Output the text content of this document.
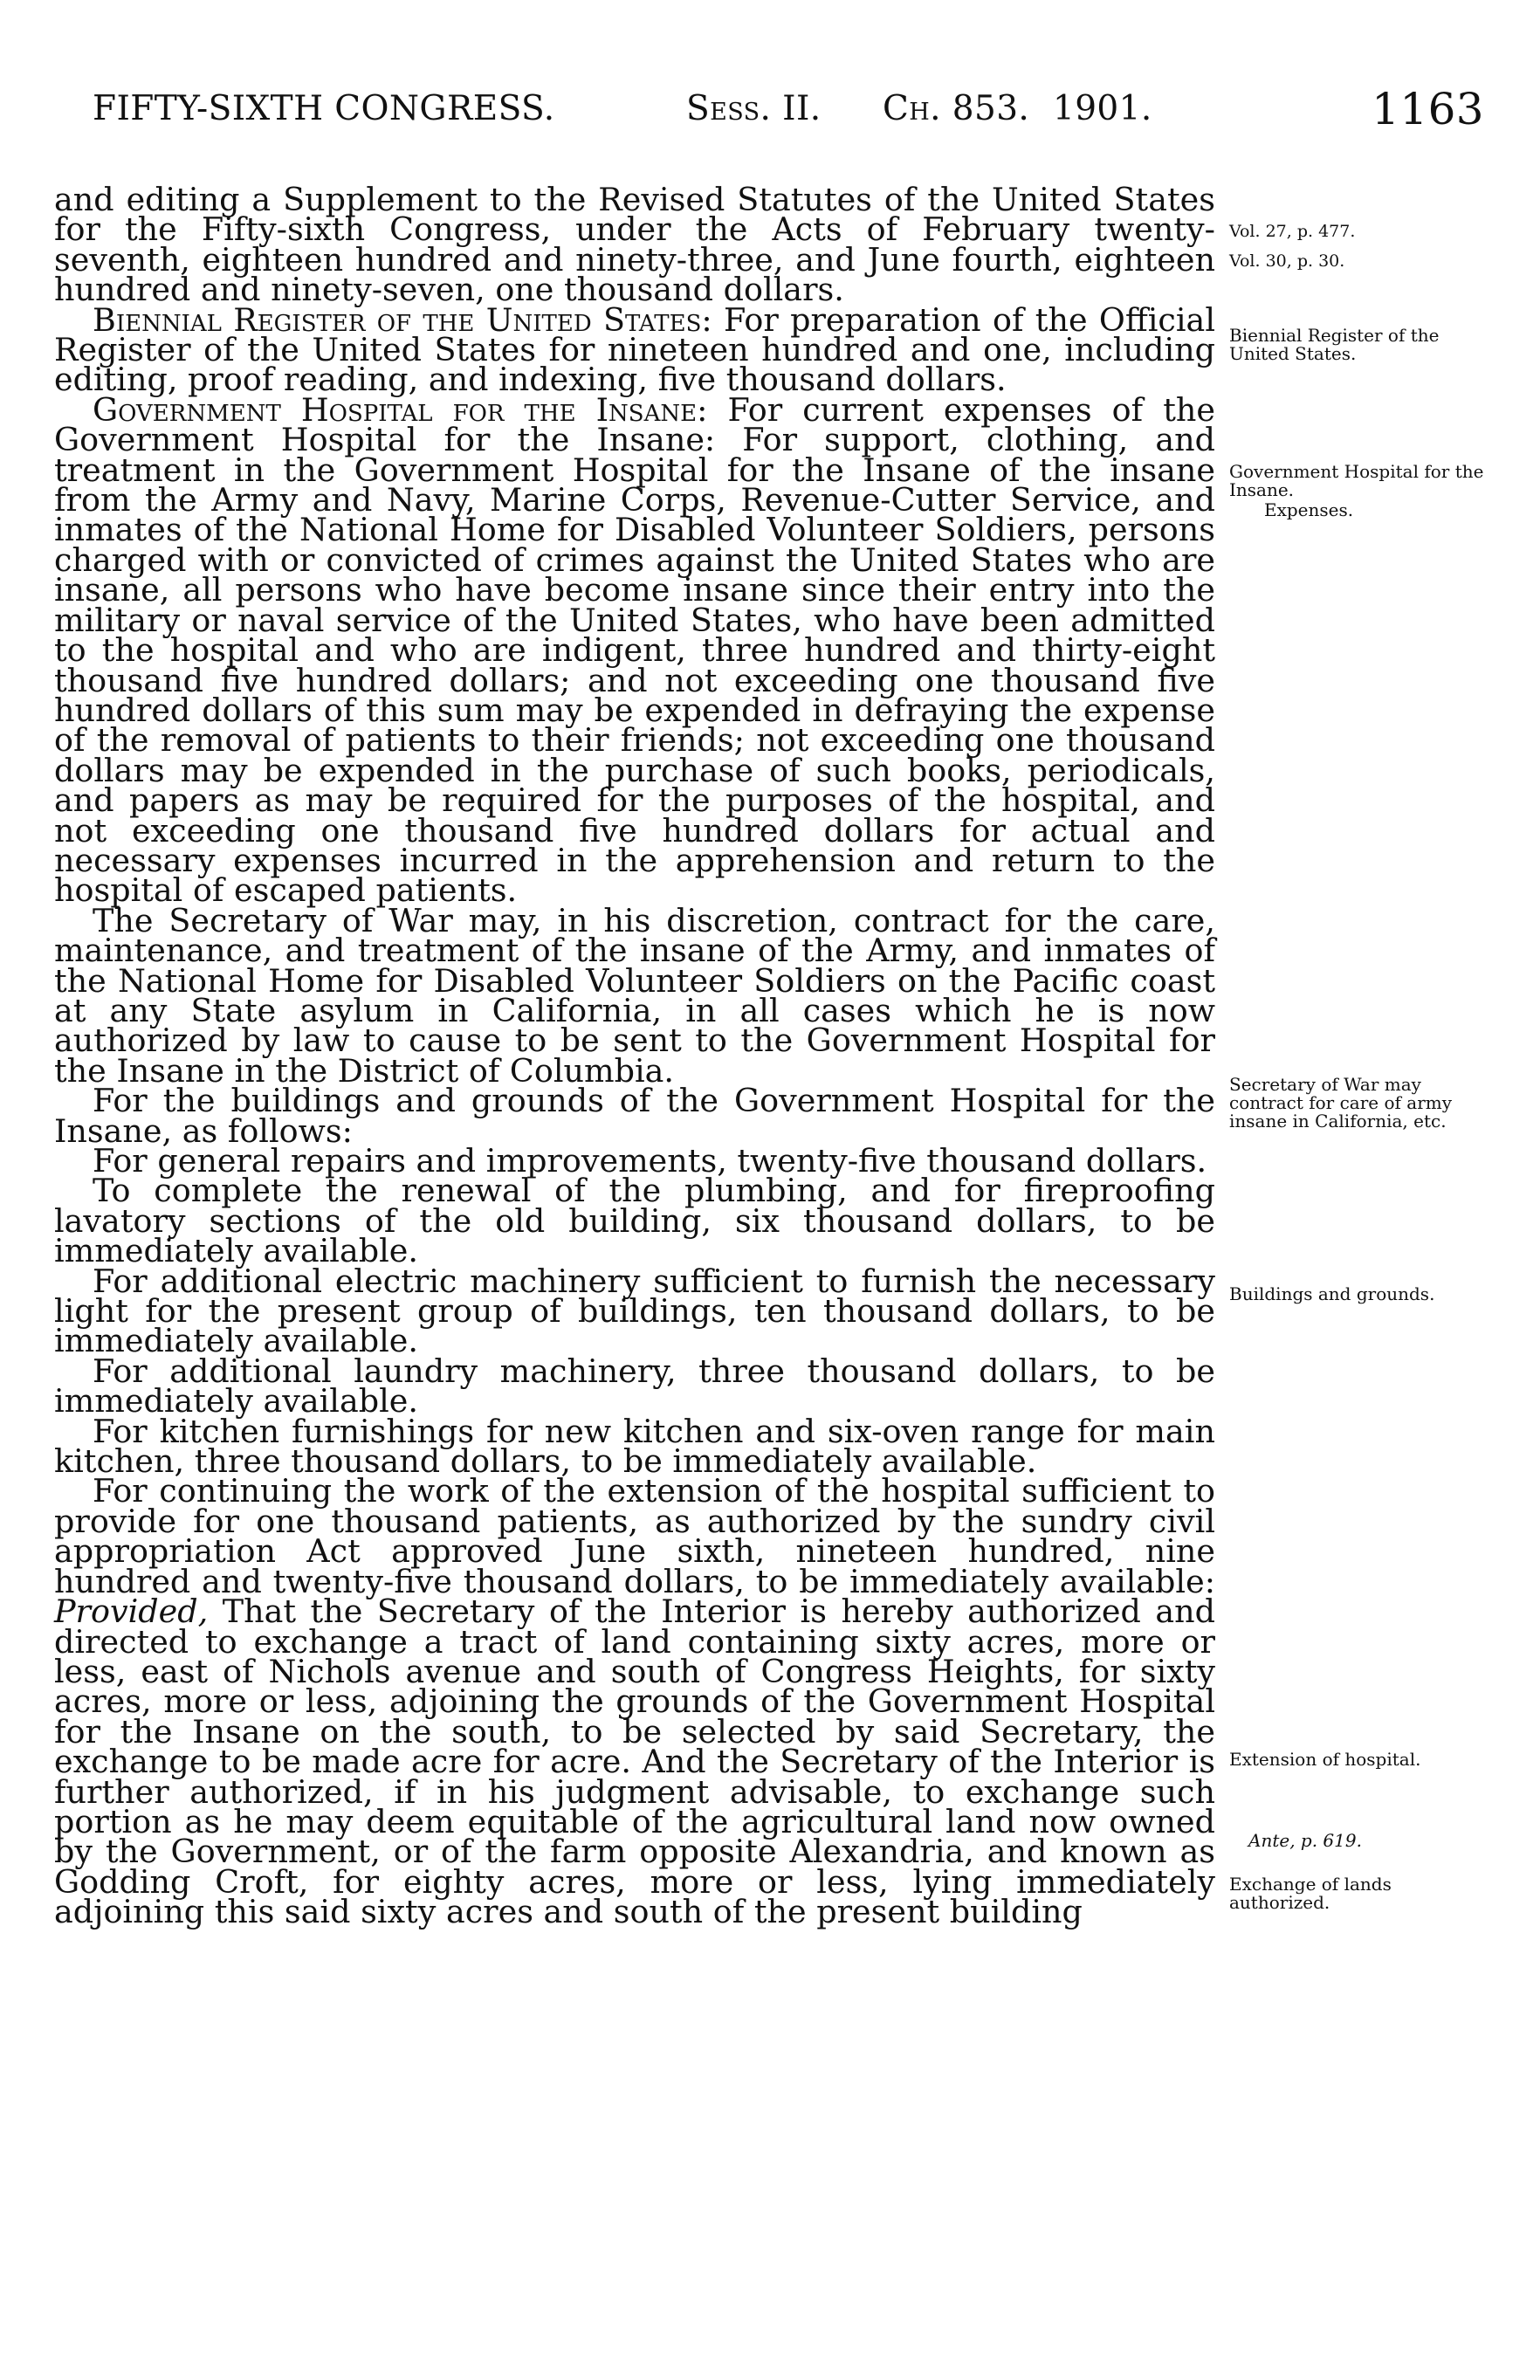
FIFTY-SIXTH CONGRESS.	Sess. II. Ch. 853. 1901.	1163

and editing a Supplement to the Revised Statutes of the United States for the Fifty-sixth Congress, under the Acts of February twenty-seventh, eighteen hundred and ninety-three, and June fourth, eighteen hundred and ninety-seven, one thousand dollars.

Biennial Register of the United States: For preparation of the Official Register of the United States for nineteen hundred and one, including editing, proof reading, and indexing, five thousand dollars.

Government Hospital for the Insane: For current expenses of the Government Hospital for the Insane: For support, clothing, and treatment in the Government Hospital for the Insane of the insane from the Army and Navy, Marine Corps, Revenue-Cutter Service, and inmates of the National Home for Disabled Volunteer Soldiers, persons charged with or convicted of crimes against the United States who are insane, all persons who have become insane since their entry into the military or naval service of the United States, who have been admitted to the hospital and who are indigent, three hundred and thirty-eight thousand five hundred dollars; and not exceeding one thousand five hundred dollars of this sum may be expended in defraying the expense of the removal of patients to their friends; not exceeding one thousand dollars may be expended in the purchase of such books, periodicals, and papers as may be required for the purposes of the hospital, and not exceeding one thousand five hundred dollars for actual and necessary expenses incurred in the apprehension and return to the hospital of escaped patients.

The Secretary of War may, in his discretion, contract for the care, maintenance, and treatment of the insane of the Army, and inmates of the National Home for Disabled Volunteer Soldiers on the Pacific coast at any State asylum in California, in all cases which he is now authorized by law to cause to be sent to the Government Hospital for the Insane in the District of Columbia.

For the buildings and grounds of the Government Hospital for the Insane, as follows:

For general repairs and improvements, twenty-five thousand dollars.

To complete the renewal of the plumbing, and for fireproofing lavatory sections of the old building, six thousand dollars, to be immediately available.

For additional electric machinery sufficient to furnish the necessary light for the present group of buildings, ten thousand dollars, to be immediately available.

For additional laundry machinery, three thousand dollars, to be immediately available.

For kitchen furnishings for new kitchen and six-oven range for main kitchen, three thousand dollars, to be immediately available.

For continuing the work of the extension of the hospital sufficient to provide for one thousand patients, as authorized by the sundry civil appropriation Act approved June sixth, nineteen hundred, nine hundred and twenty-five thousand dollars, to be immediately available: Provided, That the Secretary of the Interior is hereby authorized and directed to exchange a tract of land containing sixty acres, more or less, east of Nichols avenue and south of Congress Heights, for sixty acres, more or less, adjoining the grounds of the Government Hospital for the Insane on the south, to be selected by said Secretary, the exchange to be made acre for acre. And the Secretary of the Interior is further authorized, if in his judgment advisable, to exchange such portion as he may deem equitable of the agricultural land now owned by the Government, or of the farm opposite Alexandria, and known as Godding Croft, for eighty acres, more or less, lying immediately adjoining this said sixty acres and south of the present building

Vol. 27, p. 477.
Vol. 30, p. 30.
Biennial Register of the United States.
Government Hospital for the Insane.
Expenses.
Secretary of War may contract for care of army insane in California, etc.
Buildings and grounds.
Extension of hospital.
Ante, p. 619.
Exchange of lands authorized.
